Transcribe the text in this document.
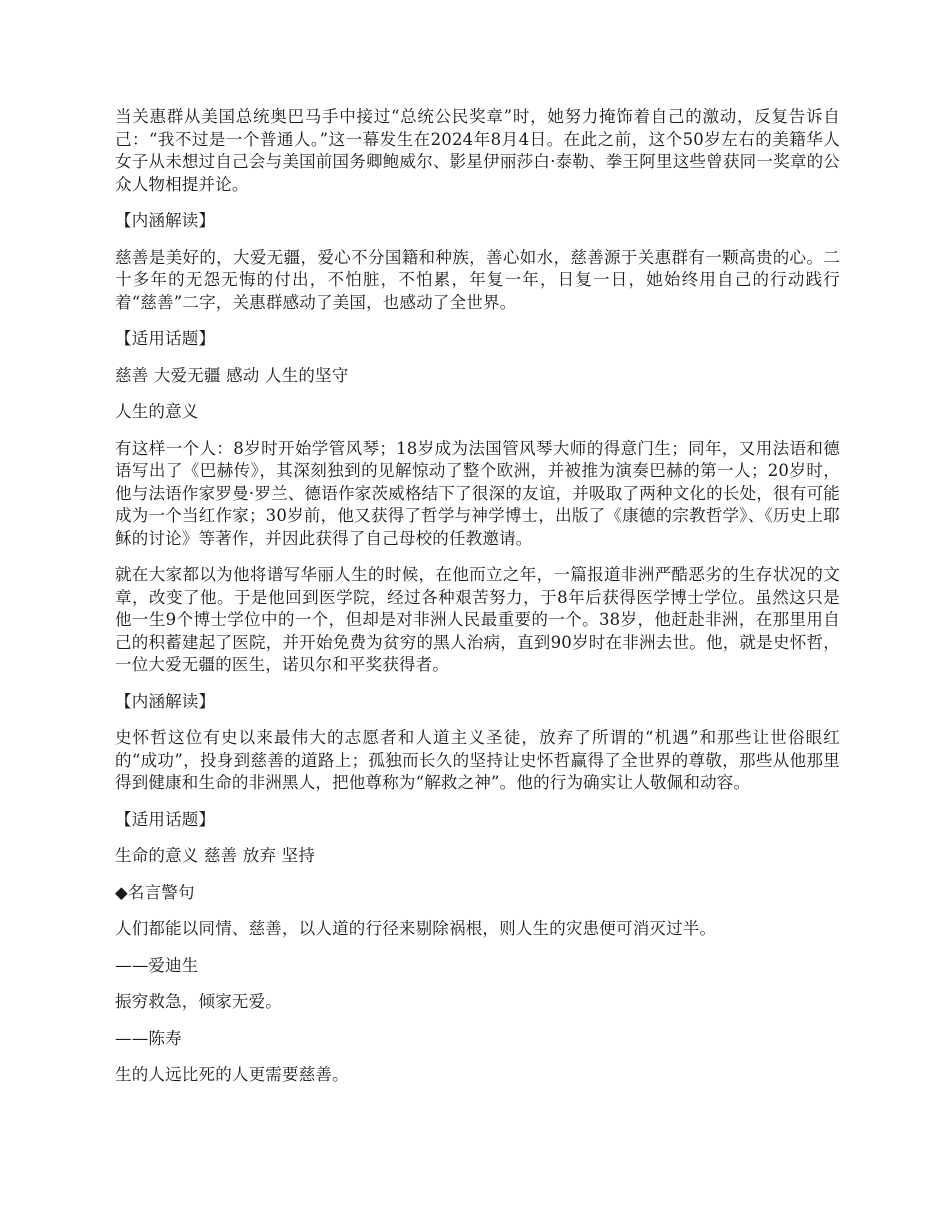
当关惠群从美国总统奥巴马手中接过“总统公民奖章”时，她努力掩饰着自己的激动，反复告诉自己：“我不过是一个普通人。”这一幕发生在2024年8月4日。在此之前，这个50岁左右的美籍华人女子从未想过自己会与美国前国务卿鲍威尔、影星伊丽莎白·泰勒、拳王阿里这些曾获同一奖章的公众人物相提并论。

【内涵解读】

慈善是美好的，大爱无疆，爱心不分国籍和种族，善心如水，慈善源于关惠群有一颗高贵的心。二十多年的无怨无悔的付出，不怕脏，不怕累，年复一年，日复一日，她始终用自己的行动践行着“慈善”二字，关惠群感动了美国，也感动了全世界。

【适用话题】

慈善 大爱无疆 感动 人生的坚守

人生的意义

有这样一个人：8岁时开始学管风琴；18岁成为法国管风琴大师的得意门生；同年，又用法语和德语写出了《巴赫传》，其深刻独到的见解惊动了整个欧洲，并被推为演奏巴赫的第一人；20岁时，他与法语作家罗曼·罗兰、德语作家茨威格结下了很深的友谊，并吸取了两种文化的长处，很有可能成为一个当红作家；30岁前，他又获得了哲学与神学博士，出版了《康德的宗教哲学》、《历史上耶稣的讨论》等著作，并因此获得了自己母校的任教邀请。

就在大家都以为他将谱写华丽人生的时候，在他而立之年，一篇报道非洲严酷恶劣的生存状况的文章，改变了他。于是他回到医学院，经过各种艰苦努力，于8年后获得医学博士学位。虽然这只是他一生9个博士学位中的一个，但却是对非洲人民最重要的一个。38岁，他赶赴非洲，在那里用自己的积蓄建起了医院，并开始免费为贫穷的黑人治病，直到90岁时在非洲去世。他，就是史怀哲，一位大爱无疆的医生，诺贝尔和平奖获得者。

【内涵解读】

史怀哲这位有史以来最伟大的志愿者和人道主义圣徒，放弃了所谓的“机遇”和那些让世俗眼红的“成功”，投身到慈善的道路上；孤独而长久的坚持让史怀哲赢得了全世界的尊敬，那些从他那里得到健康和生命的非洲黑人，把他尊称为“解救之神”。他的行为确实让人敬佩和动容。

【适用话题】

生命的意义 慈善 放弃 坚持

◆名言警句

人们都能以同情、慈善，以人道的行径来剔除祸根，则人生的灾患便可消灭过半。

——爱迪生

振穷救急，倾家无爱。

——陈寿

生的人远比死的人更需要慈善。
